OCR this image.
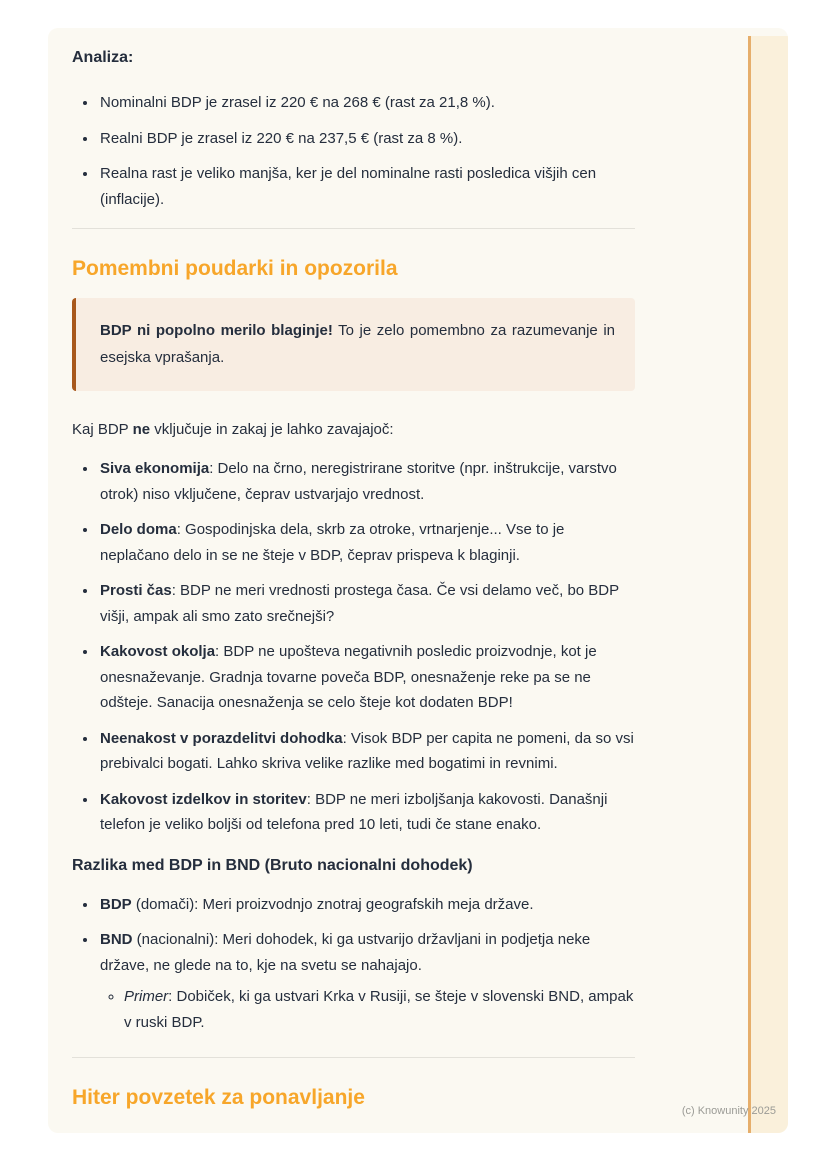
Analiza:
• Nominalni BDP je zrasel iz 220 € na 268 € (rast za 21,8 %).
• Realni BDP je zrasel iz 220 € na 237,5 € (rast za 8 %).
• Realna rast je veliko manjša, ker je del nominalne rasti posledica višjih cen (inflacije).
Pomembni poudarki in opozorila

BDP ni popolno merilo blaginje! To je zelo pomembno za razumevanje in esejska vprašanja.

Kaj BDP ne vključuje in zakaj je lahko zavajajoč:

• Siva ekonomija: Delo na črno, neregistrirane storitve (npr. inštrukcije, varstvo otrok) niso vključene, čeprav ustvarjajo vrednost.
• Delo doma: Gospodinjska dela, skrb za otroke, vrtnarjenje... Vse to je neplačano delo in se ne šteje v BDP, čeprav prispeva k blaginji.
• Prosti čas: BDP ne meri vrednosti prostega časa. Če vsi delamo več, bo BDP višji, ampak ali smo zato srečnejši?
• Kakovost okolja: BDP ne upošteva negativnih posledic proizvodnje, kot je onesnaževanje. Gradnja tovarne poveča BDP, onesnaženje reke pa se ne odšteje. Sanacija onesnaženja se celo šteje kot dodaten BDP!
• Neenakost v porazdelitvi dohodka: Visok BDP per capita ne pomeni, da so vsi prebivalci bogati. Lahko skriva velike razlike med bogatimi in revnimi.
• Kakovost izdelkov in storitev: BDP ne meri izboljšanja kakovosti. Današnji telefon je veliko boljši od telefona pred 10 leti, tudi če stane enako.
Razlika med BDP in BND (Bruto nacionalni dohodek)
• BDP (domači): Meri proizvodnjo znotraj geografskih meja države.
• BND (nacionalni): Meri dohodek, ki ga ustvarijo državljani in podjetja neke države, ne glede na to, kje na svetu se nahajajo.
◦ Primer: Dobiček, ki ga ustvari Krka v Rusiji, se šteje v slovenski BND, ampak v ruski BDP.
Hiter povzetek za ponavljanje
(c) Knowunity 2025
